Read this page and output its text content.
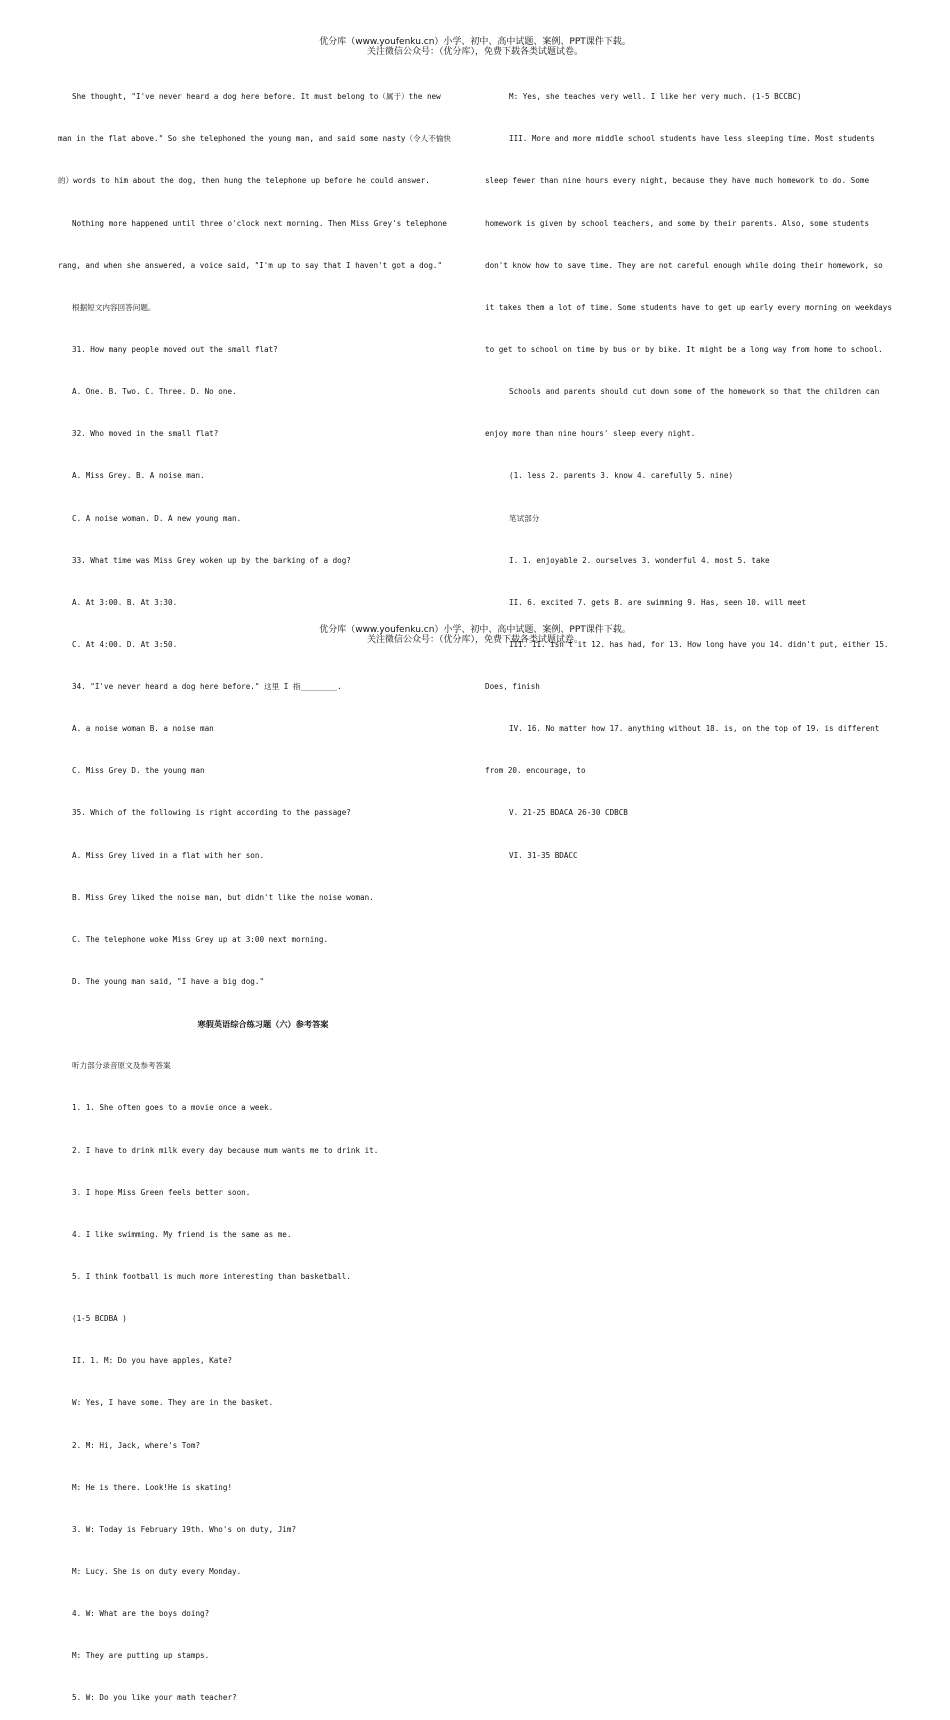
优分库（www.youfenku.cn）小学、初中、高中试题、案例、PPT课件下载。
关注微信公众号：（优分库），免费下载各类试题试卷。

She thought, "I've never heard a dog here before. It must belong to（属于）the new

man in the flat above." So she telephoned the young man, and said some nasty（令人不愉快

的）words to him about the dog, then hung the telephone up before he could answer.

Nothing more happened until three o'clock next morning. Then Miss Grey's telephone

rang, and when she answered, a voice said, "I'm up to say that I haven't got a dog."

根据短文内容回答问题。

31. How many people moved out the small flat?

A. One. B. Two. C. Three. D. No one.

32. Who moved in the small flat?

A. Miss Grey. B. A noise man.

C. A noise woman. D. A new young man.

33. What time was Miss Grey woken up by the barking of a dog?

A. At 3:00. B. At 3:30.

C. At 4:00. D. At 3:50.

34. "I've never heard a dog here before." 这里 I 指________.

A. a noise woman B. a noise man

C. Miss Grey D. the young man

35. Which of the following is right according to the passage?

A. Miss Grey lived in a flat with her son.

B. Miss Grey liked the noise man, but didn't like the noise woman.

C. The telephone woke Miss Grey up at 3:00 next morning.

D. The young man said, "I have a big dog."

寒假英语综合练习题（六）参考答案

听力部分录音原文及参考答案

1. 1. She often goes to a movie once a week.

2. I have to drink milk every day because mum wants me to drink it.

3. I hope Miss Green feels better soon.

4. I like swimming. My friend is the same as me.

5. I think football is much more interesting than basketball.

(1-5 BCDBA )

II. 1. M: Do you have apples, Kate?

W: Yes, I have some. They are in the basket.

2. M: Hi, Jack, where's Tom?

M: He is there. Look!He is skating!

3. W: Today is February 19th. Who's on duty, Jim?

M: Lucy. She is on duty every Monday.

4. W: What are the boys doing?

M: They are putting up stamps.

5. W: Do you like your math teacher?

M: Yes, she teaches very well. I like her very much. (1-5 BCCBC)

III. More and more middle school students have less sleeping time. Most students

sleep fewer than nine hours every night, because they have much homework to do. Some

homework is given by school teachers, and some by their parents. Also, some students

don't know how to save time. They are not careful enough while doing their homework, so

it takes them a lot of time. Some students have to get up early every morning on weekdays

to get to school on time by bus or by bike. It might be a long way from home to school.

Schools and parents should cut down some of the homework so that the children can

enjoy more than nine hours' sleep every night.

(1. less 2. parents 3. know 4. carefully 5. nine)

笔试部分

I. 1. enjoyable 2. ourselves 3. wonderful 4. most 5. take

II. 6. excited 7. gets 8. are swimming 9. Has, seen 10. will meet

III. 11. isn't it 12. has had, for 13. How long have you 14. didn't put, either 15.

Does, finish

IV. 16. No matter how 17. anything without 18. is, on the top of 19. is different

from 20. encourage, to

V. 21-25 BDACA 26-30 CDBCB

VI. 31-35 BDACC

优分库（www.youfenku.cn）小学、初中、高中试题、案例、PPT课件下载。
关注微信公众号：（优分库），免费下载各类试题试卷。
